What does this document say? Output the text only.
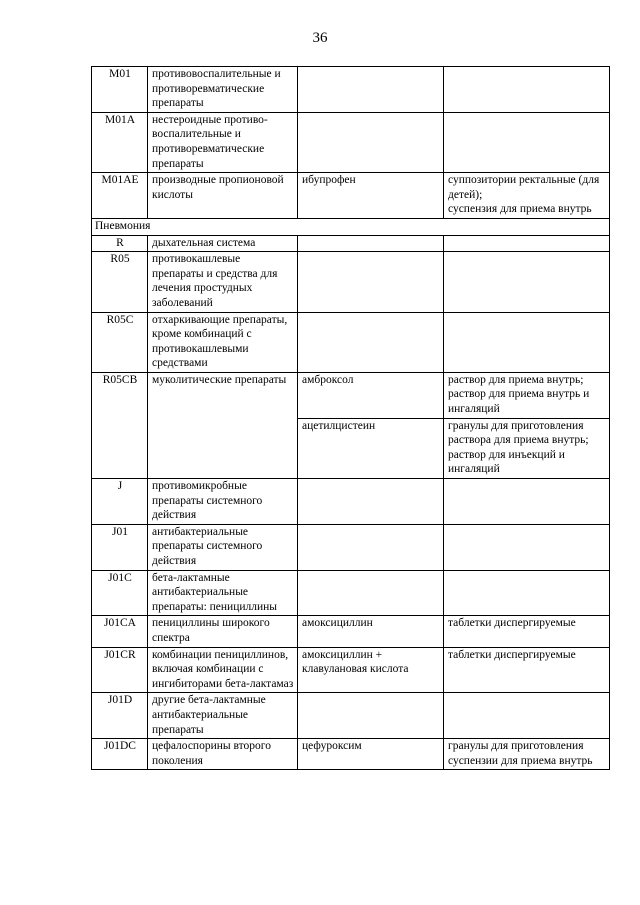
36
M01	противовоспалительные и противоревматические препараты		
M01A	нестероидные противо-воспалительные и противоревматические препараты		
M01AE	производные пропионовой кислоты	ибупрофен	суппозитории ректальные (для детей);
суспензия для приема внутрь
Пневмония			
R	дыхательная система		
R05	противокашлевые препараты и средства для лечения простудных заболеваний		
R05C	отхаркивающие препараты, кроме комбинаций с противокашлевыми средствами		
R05CB	муколитические препараты	амброксол	раствор для приема внутрь;
раствор для приема внутрь и ингаляций
		ацетилцистеин	гранулы для приготовления раствора для приема внутрь;
раствор для инъекций и ингаляций
J	противомикробные препараты системного действия		
J01	антибактериальные препараты системного действия		
J01C	бета-лактамные антибактериальные препараты: пенициллины		
J01CA	пенициллины широкого спектра	амоксициллин	таблетки диспергируемые
J01CR	комбинации пенициллинов, включая комбинации с ингибиторами бета-лактамаз	амоксициллин + клавулановая кислота	таблетки диспергируемые
J01D	другие бета-лактамные антибактериальные препараты		
J01DC	цефалоспорины второго поколения	цефуроксим	гранулы для приготовления суспензии для приема внутрь
